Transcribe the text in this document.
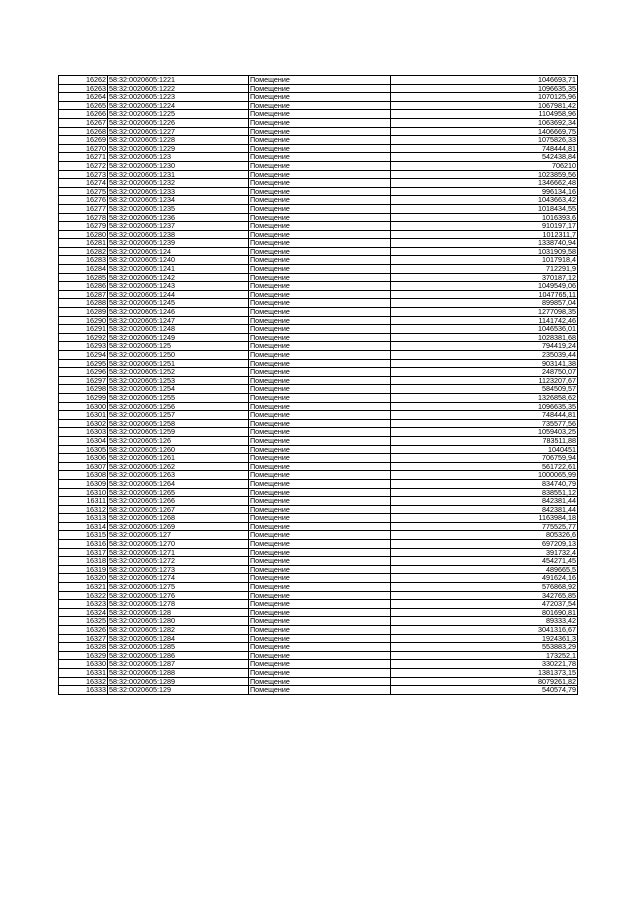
16262	58:32:0020605:1221	Помещение	1046693,71
16263	58:32:0020605:1222	Помещение	1096635,35
16264	58:32:0020605:1223	Помещение	1070125,96
16265	58:32:0020605:1224	Помещение	1067981,42
16266	58:32:0020605:1225	Помещение	1104958,96
16267	58:32:0020605:1226	Помещение	1063692,34
16268	58:32:0020605:1227	Помещение	1406669,75
16269	58:32:0020605:1228	Помещение	1075826,33
16270	58:32:0020605:1229	Помещение	748444,81
16271	58:32:0020605:123	Помещение	542438,84
16272	58:32:0020605:1230	Помещение	706210
16273	58:32:0020605:1231	Помещение	1023859,56
16274	58:32:0020605:1232	Помещение	1346662,48
16275	58:32:0020605:1233	Помещение	996134,16
16276	58:32:0020605:1234	Помещение	1043663,42
16277	58:32:0020605:1235	Помещение	1018434,55
16278	58:32:0020605:1236	Помещение	1016393,6
16279	58:32:0020605:1237	Помещение	910197,17
16280	58:32:0020605:1238	Помещение	1012311,7
16281	58:32:0020605:1239	Помещение	1338740,94
16282	58:32:0020605:124	Помещение	1031909,58
16283	58:32:0020605:1240	Помещение	1017918,4
16284	58:32:0020605:1241	Помещение	712291,9
16285	58:32:0020605:1242	Помещение	370187,12
16286	58:32:0020605:1243	Помещение	1049549,06
16287	58:32:0020605:1244	Помещение	1047765,11
16288	58:32:0020605:1245	Помещение	899857,04
16289	58:32:0020605:1246	Помещение	1277098,35
16290	58:32:0020605:1247	Помещение	1141742,46
16291	58:32:0020605:1248	Помещение	1046536,01
16292	58:32:0020605:1249	Помещение	1028381,68
16293	58:32:0020605:125	Помещение	794419,24
16294	58:32:0020605:1250	Помещение	235039,44
16295	58:32:0020605:1251	Помещение	903141,38
16296	58:32:0020605:1252	Помещение	248750,07
16297	58:32:0020605:1253	Помещение	1123207,67
16298	58:32:0020605:1254	Помещение	584509,57
16299	58:32:0020605:1255	Помещение	1326858,62
16300	58:32:0020605:1256	Помещение	1096635,35
16301	58:32:0020605:1257	Помещение	748444,81
16302	58:32:0020605:1258	Помещение	735577,56
16303	58:32:0020605:1259	Помещение	1059403,25
16304	58:32:0020605:126	Помещение	783511,88
16305	58:32:0020605:1260	Помещение	1040451
16306	58:32:0020605:1261	Помещение	706759,94
16307	58:32:0020605:1262	Помещение	561722,61
16308	58:32:0020605:1263	Помещение	1000065,99
16309	58:32:0020605:1264	Помещение	834740,79
16310	58:32:0020605:1265	Помещение	838551,12
16311	58:32:0020605:1266	Помещение	842381,44
16312	58:32:0020605:1267	Помещение	842381,44
16313	58:32:0020605:1268	Помещение	1163984,18
16314	58:32:0020605:1269	Помещение	775525,77
16315	58:32:0020605:127	Помещение	805326,6
16316	58:32:0020605:1270	Помещение	697209,13
16317	58:32:0020605:1271	Помещение	391732,4
16318	58:32:0020605:1272	Помещение	454271,45
16319	58:32:0020605:1273	Помещение	489665,5
16320	58:32:0020605:1274	Помещение	491624,16
16321	58:32:0020605:1275	Помещение	576868,92
16322	58:32:0020605:1276	Помещение	342765,85
16323	58:32:0020605:1278	Помещение	472037,54
16324	58:32:0020605:128	Помещение	801690,81
16325	58:32:0020605:1280	Помещение	89333,42
16326	58:32:0020605:1282	Помещение	3041316,67
16327	58:32:0020605:1284	Помещение	1924361,3
16328	58:32:0020605:1285	Помещение	553883,29
16329	58:32:0020605:1286	Помещение	173252,1
16330	58:32:0020605:1287	Помещение	330221,78
16331	58:32:0020605:1288	Помещение	1381373,15
16332	58:32:0020605:1289	Помещение	8079261,82
16333	58:32:0020605:129	Помещение	540574,79
